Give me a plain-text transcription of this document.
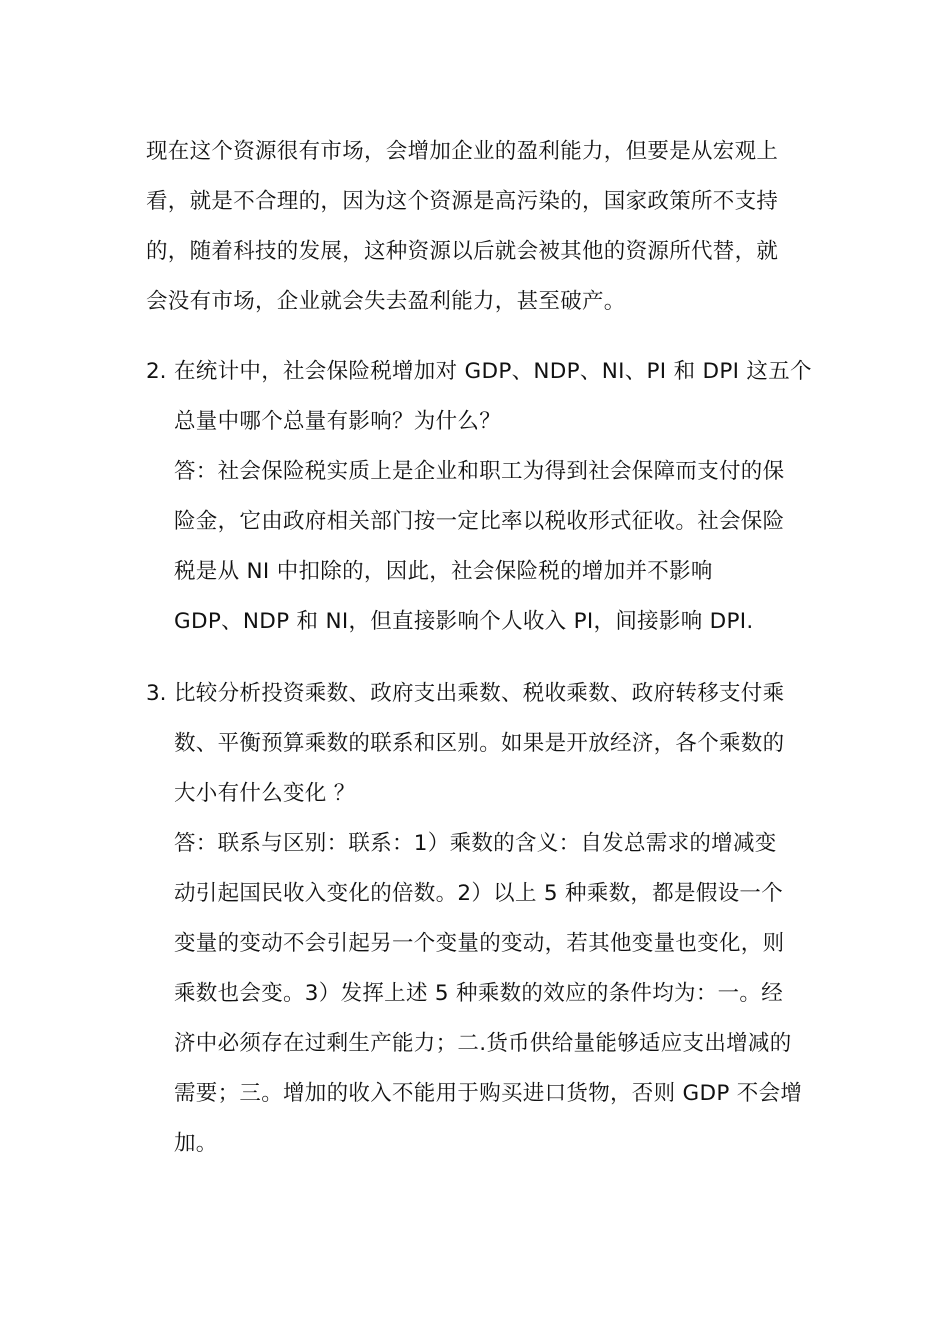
现在这个资源很有市场，会增加企业的盈利能力，但要是从宏观上
看，就是不合理的，因为这个资源是高污染的，国家政策所不支持
的，随着科技的发展，这种资源以后就会被其他的资源所代替，就
会没有市场，企业就会失去盈利能力，甚至破产。
2. 在统计中，社会保险税增加对 GDP、NDP、NI、PI 和 DPI 这五个
总量中哪个总量有影响？为什么？
答：社会保险税实质上是企业和职工为得到社会保障而支付的保
险金，它由政府相关部门按一定比率以税收形式征收。社会保险
税是从 NI 中扣除的，因此，社会保险税的增加并不影响
GDP、NDP 和 NI，但直接影响个人收入 PI，间接影响 DPI.
3. 比较分析投资乘数、政府支出乘数、税收乘数、政府转移支付乘
数、平衡预算乘数的联系和区别。如果是开放经济，各个乘数的
大小有什么变化 ？
答：联系与区别：联系：1）乘数的含义：自发总需求的增减变
动引起国民收入变化的倍数。2）以上 5 种乘数，都是假设一个
变量的变动不会引起另一个变量的变动，若其他变量也变化，则
乘数也会变。3）发挥上述 5 种乘数的效应的条件均为：一。经
济中必须存在过剩生产能力；二.货币供给量能够适应支出增减的
需要；三。增加的收入不能用于购买进口货物，否则 GDP 不会增
加。
